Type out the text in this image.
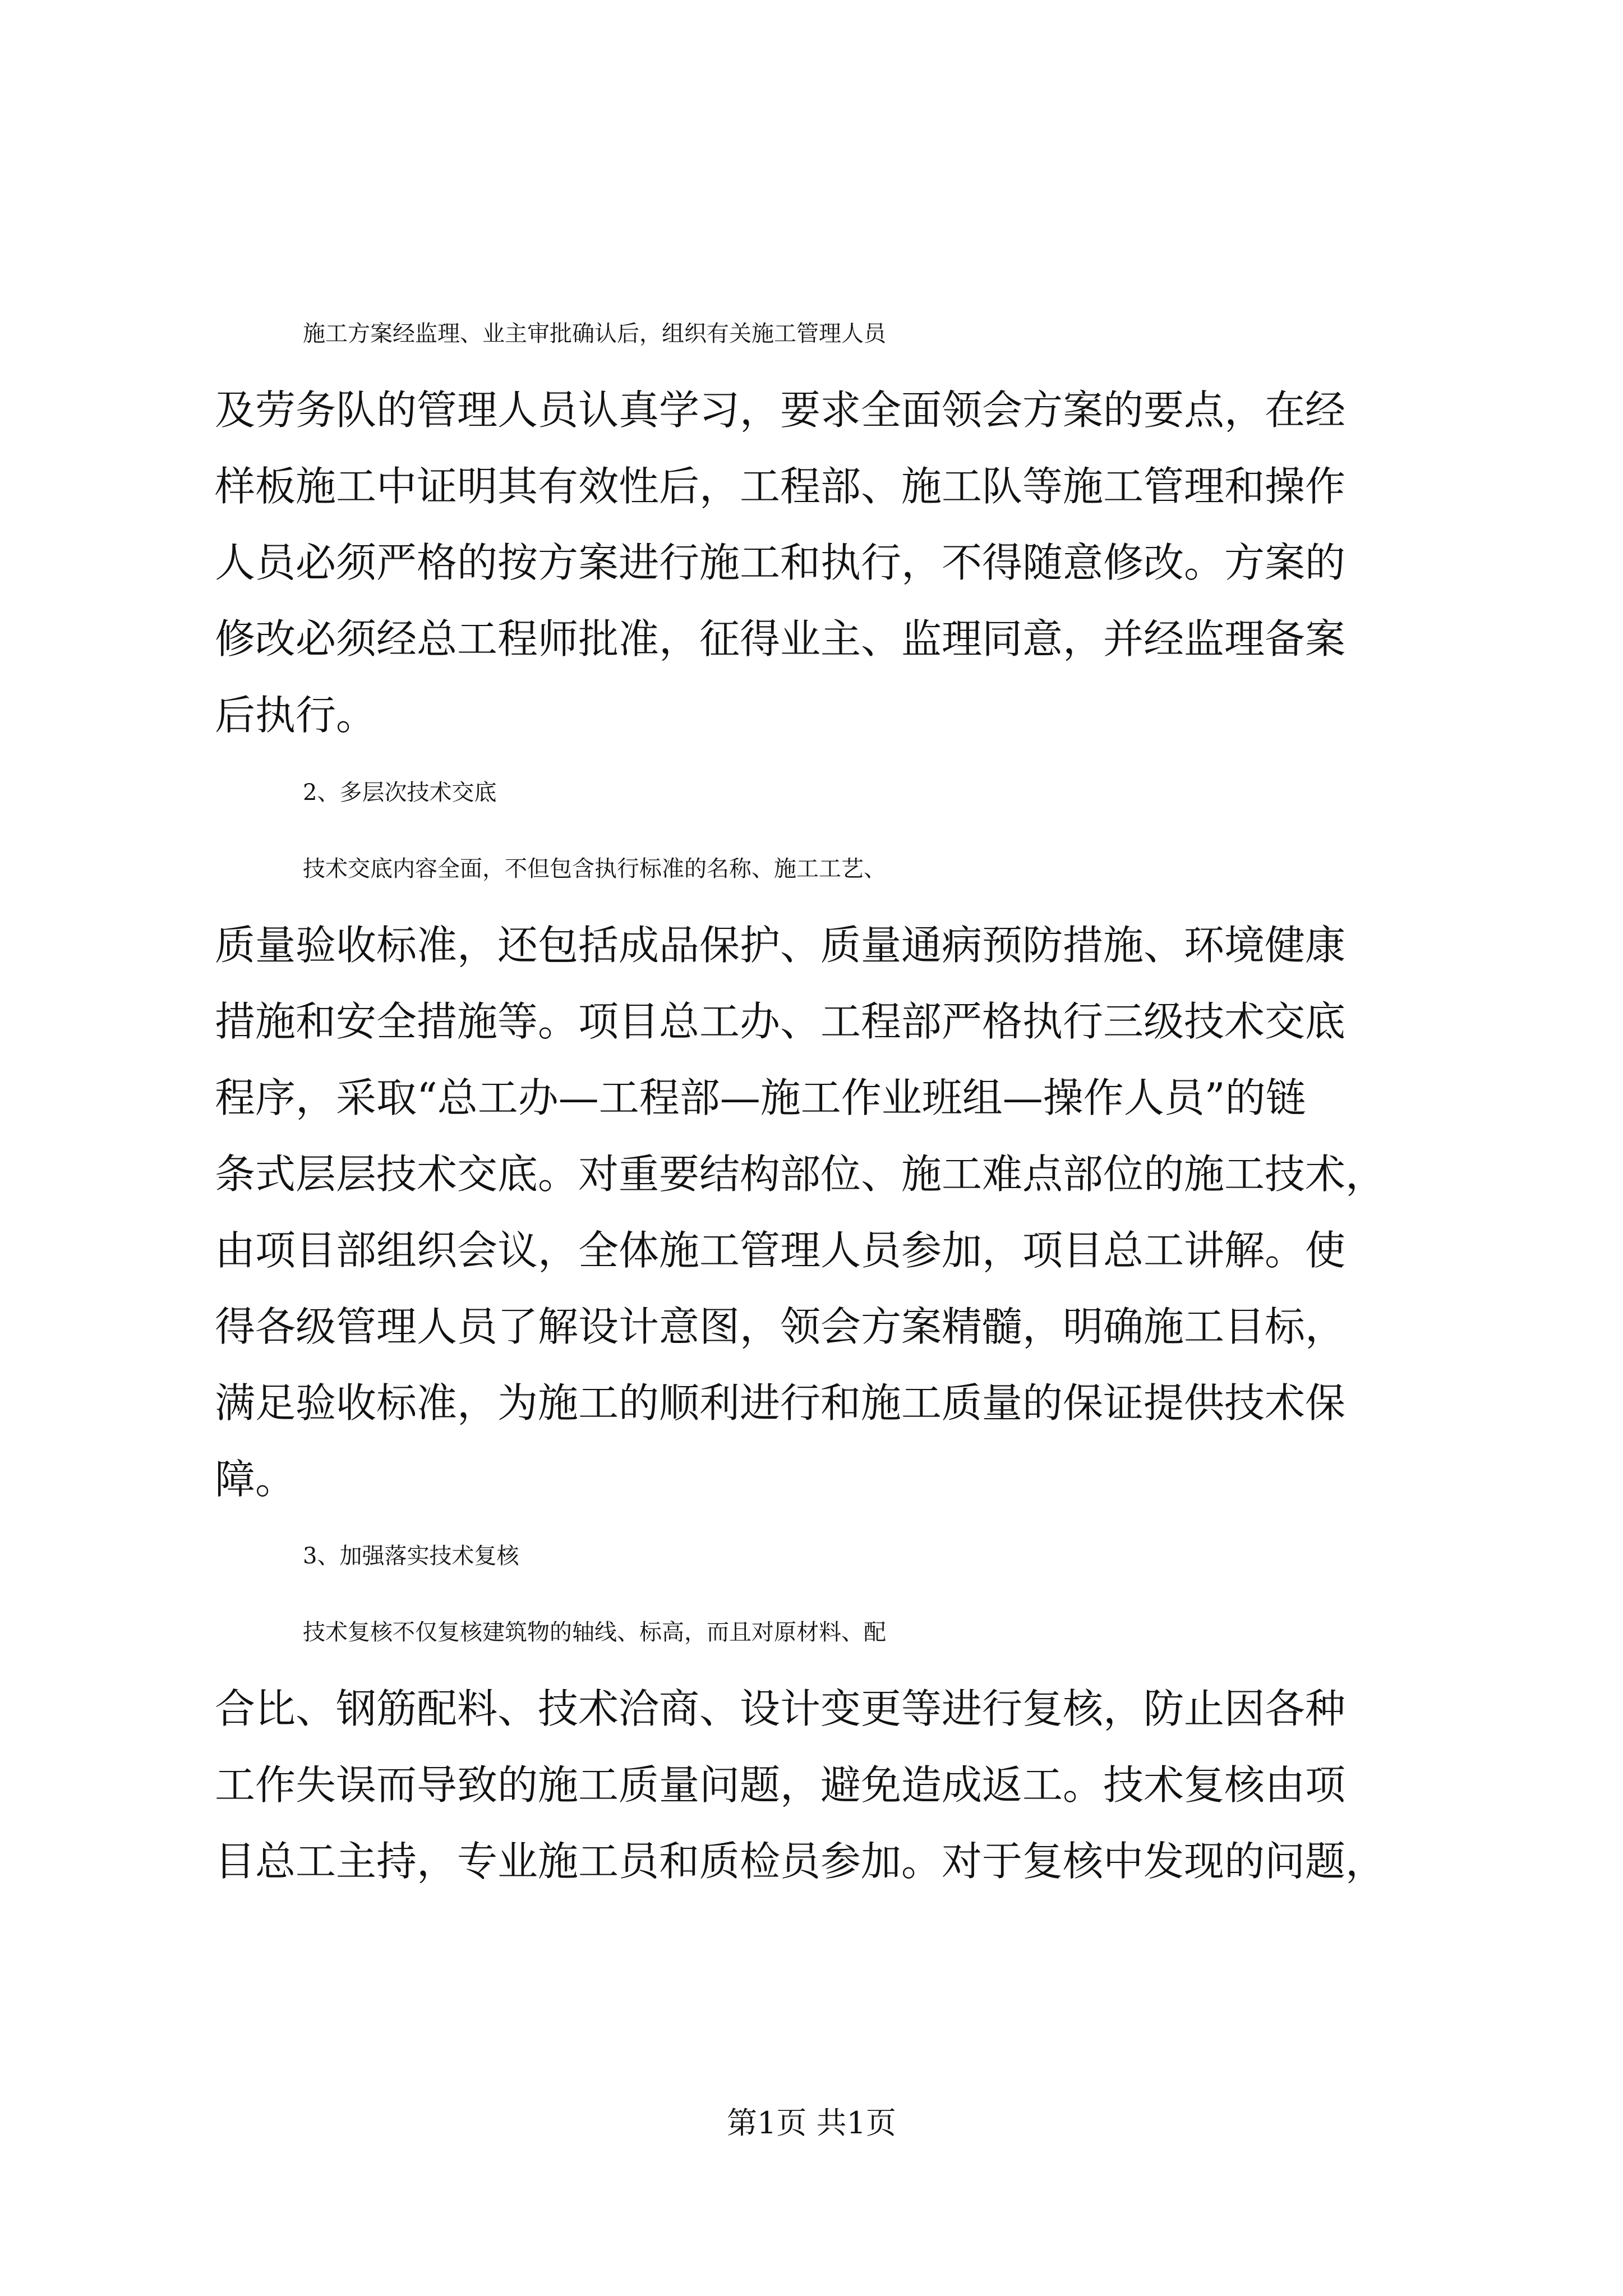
施工方案经监理、业主审批确认后，组织有关施工管理人员
及劳务队的管理人员认真学习，要求全面领会方案的要点，在经
样板施工中证明其有效性后，工程部、施工队等施工管理和操作
人员必须严格的按方案进行施工和执行，不得随意修改。方案的
修改必须经总工程师批准，征得业主、监理同意，并经监理备案
后执行。
2、多层次技术交底
技术交底内容全面，不但包含执行标准的名称、施工工艺、
质量验收标准，还包括成品保护、质量通病预防措施、环境健康
措施和安全措施等。项目总工办、工程部严格执行三级技术交底
程序，采取“总工办—工程部—施工作业班组—操作人员”的链
条式层层技术交底。对重要结构部位、施工难点部位的施工技术，
由项目部组织会议，全体施工管理人员参加，项目总工讲解。使
得各级管理人员了解设计意图，领会方案精髓，明确施工目标，
满足验收标准，为施工的顺利进行和施工质量的保证提供技术保
障。
3、加强落实技术复核
技术复核不仅复核建筑物的轴线、标高，而且对原材料、配
合比、钢筋配料、技术洽商、设计变更等进行复核，防止因各种
工作失误而导致的施工质量问题，避免造成返工。技术复核由项
目总工主持，专业施工员和质检员参加。对于复核中发现的问题，
第1页 共1页
